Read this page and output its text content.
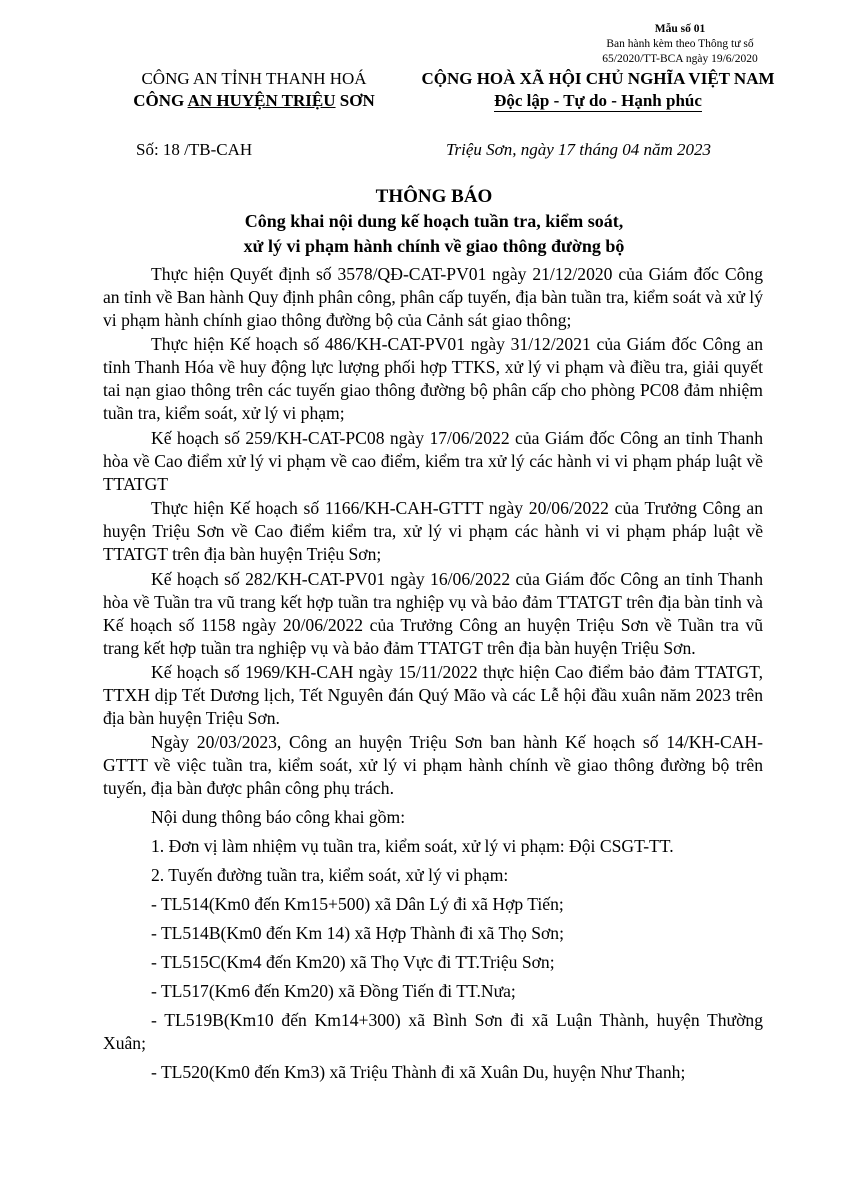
Mẫu số 01
Ban hành kèm theo Thông tư số
65/2020/TT-BCA ngày 19/6/2020
CÔNG AN TỈNH THANH HOÁ
CÔNG AN HUYỆN TRIỆU SƠN
CỘNG HOÀ XÃ HỘI CHỦ NGHĨA VIỆT NAM
Độc lập - Tự do - Hạnh phúc
Số: 18 /TB-CAH	Triệu Sơn, ngày 17 tháng 04 năm 2023
THÔNG BÁO
Công khai nội dung kế hoạch tuần tra, kiểm soát,
xử lý vi phạm hành chính về giao thông đường bộ

Thực hiện Quyết định số 3578/QĐ-CAT-PV01 ngày 21/12/2020 của Giám đốc Công an tỉnh về Ban hành Quy định phân công, phân cấp tuyến, địa bàn tuần tra, kiểm soát và xử lý vi phạm hành chính giao thông đường bộ của Cảnh sát giao thông;

Thực hiện Kế hoạch số 486/KH-CAT-PV01 ngày 31/12/2021 của Giám đốc Công an tỉnh Thanh Hóa về huy động lực lượng phối hợp TTKS, xử lý vi phạm và điều tra, giải quyết tai nạn giao thông trên các tuyến giao thông đường bộ phân cấp cho phòng PC08 đảm nhiệm tuần tra, kiểm soát, xử lý vi phạm;

Kế hoạch số 259/KH-CAT-PC08 ngày 17/06/2022 của Giám đốc Công an tỉnh Thanh hòa về Cao điểm xử lý vi phạm về cao điểm, kiểm tra xử lý các hành vi vi phạm pháp luật về TTATGT

Thực hiện Kế hoạch số 1166/KH-CAH-GTTT ngày 20/06/2022 của Trưởng Công an huyện Triệu Sơn về Cao điểm kiểm tra, xử lý vi phạm các hành vi vi phạm pháp luật về TTATGT trên địa bàn huyện Triệu Sơn;

Kế hoạch số 282/KH-CAT-PV01 ngày 16/06/2022 của Giám đốc Công an tỉnh Thanh hòa về Tuần tra vũ trang kết hợp tuần tra nghiệp vụ và bảo đảm TTATGT trên địa bàn tỉnh và Kế hoạch số 1158 ngày 20/06/2022 của Trưởng Công an huyện Triệu Sơn về Tuần tra vũ trang kết hợp tuần tra nghiệp vụ và bảo đảm TTATGT trên địa bàn huyện Triệu Sơn.

Kế hoạch số 1969/KH-CAH ngày 15/11/2022 thực hiện Cao điểm bảo đảm TTATGT, TTXH dịp Tết Dương lịch, Tết Nguyên đán Quý Mão và các Lễ hội đầu xuân năm 2023 trên địa bàn huyện Triệu Sơn.

Ngày 20/03/2023, Công an huyện Triệu Sơn ban hành Kế hoạch số 14/KH-CAH-GTTT về việc tuần tra, kiểm soát, xử lý vi phạm hành chính về giao thông đường bộ trên tuyến, địa bàn được phân công phụ trách.

Nội dung thông báo công khai gồm:

1. Đơn vị làm nhiệm vụ tuần tra, kiểm soát, xử lý vi phạm: Đội CSGT-TT.

2. Tuyến đường tuần tra, kiểm soát, xử lý vi phạm:

- TL514(Km0 đến Km15+500) xã Dân Lý đi xã Hợp Tiến;

- TL514B(Km0 đến Km 14) xã Hợp Thành đi xã Thọ Sơn;

- TL515C(Km4 đến Km20) xã Thọ Vực đi TT.Triệu Sơn;

- TL517(Km6 đến Km20) xã Đồng Tiến đi TT.Nưa;

- TL519B(Km10 đến Km14+300) xã Bình Sơn đi xã Luận Thành, huyện Thường Xuân;

- TL520(Km0 đến Km3) xã Triệu Thành đi xã Xuân Du, huyện Như Thanh;
